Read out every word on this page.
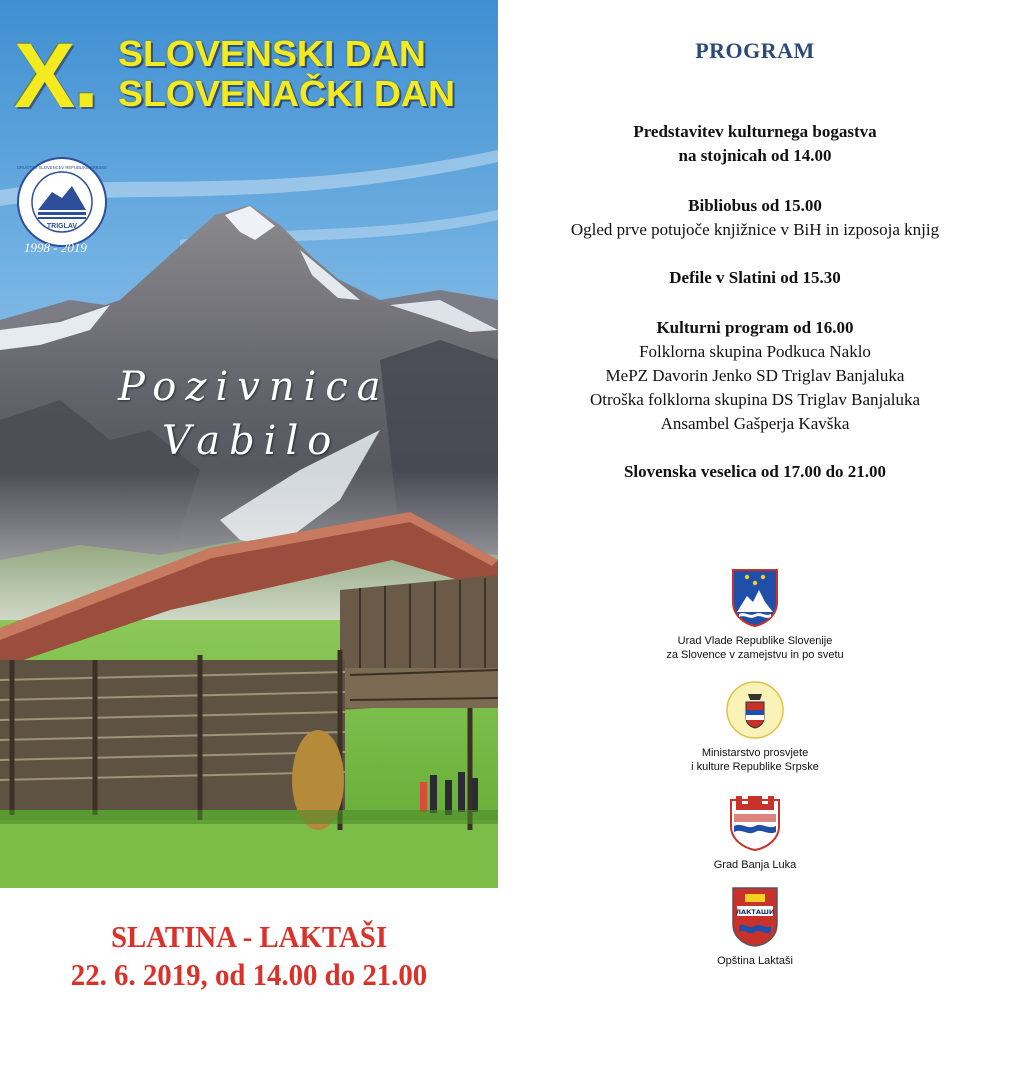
X. SLOVENSKI DAN
SLOVENAČKI DAN
TRIGLAV
DRUŠTVO SLOVENCEV REPUBLIKE SRBSKE
1998 - 2019
Pozivnica
Vabilo
SLATINA - LAKTAŠI
22. 6. 2019, od 14.00 do 21.00
PROGRAM
Predstavitev kulturnega bogastva
na stojnicah od 14.00
Bibliobus od 15.00
Ogled prve potujoče knjižnice v BiH in izposoja knjig
Defile v Slatini od 15.30
Kulturni program od 16.00
Folklorna skupina Podkuca Naklo
MePZ Davorin Jenko SD Triglav Banjaluka
Otroška folklorna skupina DS Triglav Banjaluka
Ansambel Gašperja Kavška
Slovenska veselica od 17.00 do 21.00
Urad Vlade Republike Slovenije
za Slovence v zamejstvu in po svetu
Ministarstvo prosvjete
i kulture Republike Srpske
Grad Banja Luka
ЛАКТАШИ
Opština Laktaši
